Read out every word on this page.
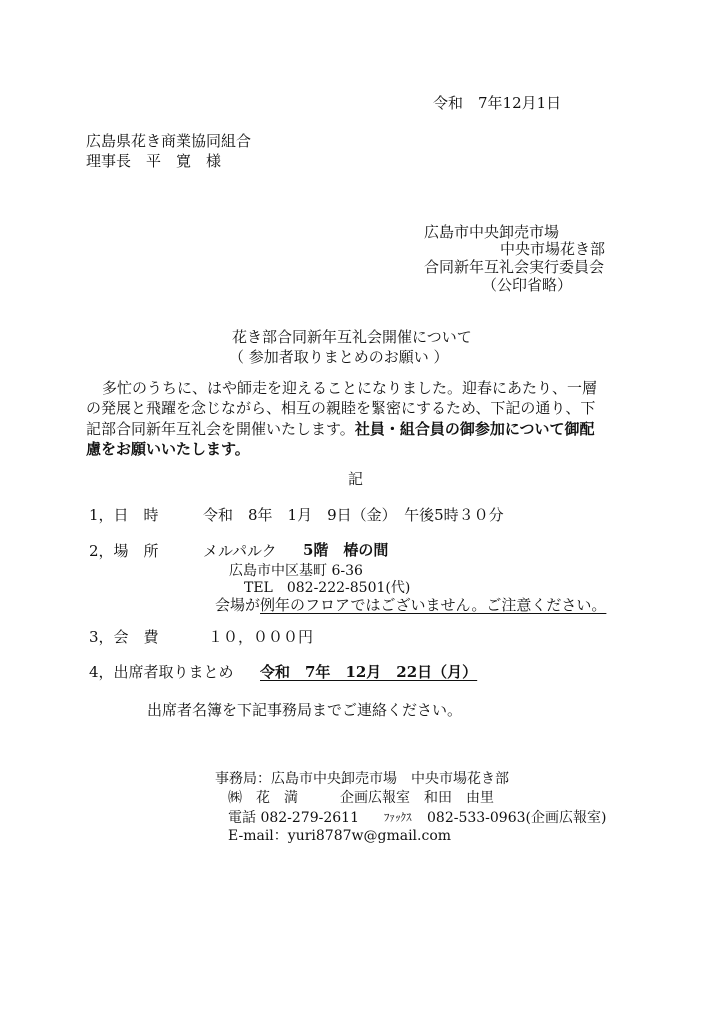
令和　7年12月1日
広島県花き商業協同組合
理事長　平　寛　様
広島市中央卸売市場
中央市場花き部
合同新年互礼会実行委員会
（公印省略）
花き部合同新年互礼会開催について
（ 参加者取りまとめのお願い ）
多忙のうちに、はや師走を迎えることになりました。迎春にあたり、一層
の発展と飛躍を念じながら、相互の親睦を緊密にするため、下記の通り、下
記部合同新年互礼会を開催いたします。社員・組合員の御参加について御配
慮をお願いいたします。
記
1，日　時	令和　8年　1月　9日（金）　午後5時３０分
2，場　所	メルパルク 5階　椿の間
広島市中区基町 6-36
TEL　082-222-8501(代)
会場が例年のフロアではございません。ご注意ください。
3，会　費	１０，０００円
4，出席者取りまとめ 令和　7年　12月　22日（月）
出席者名簿を下記事務局までご連絡ください。
事務局：広島市中央卸売市場　中央市場花き部
㈱　花　満	企画広報室　和田　由里
電話 082-279-2611 ﾌｧｯｸｽ 082-533-0963(企画広報室)
E-mail：yuri8787w@gmail.com
